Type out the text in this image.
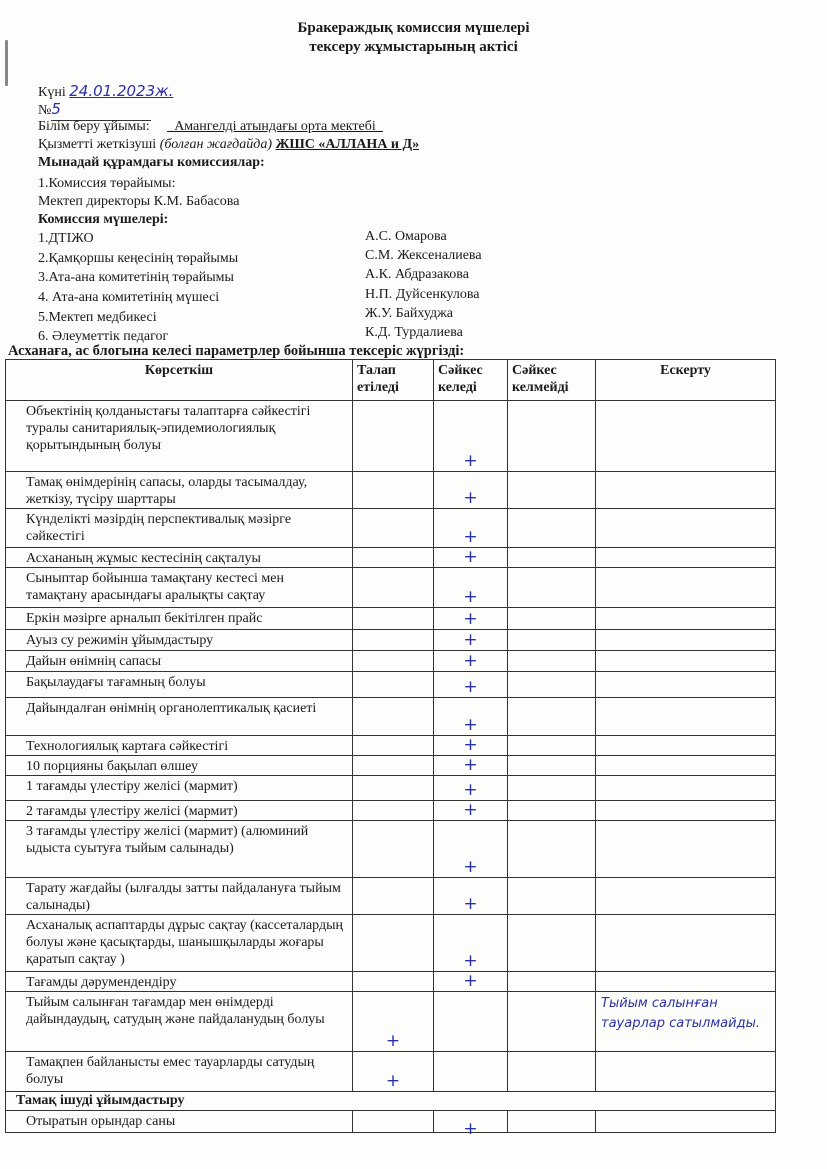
Бракераждық комиссия мүшелері
тексеру жұмыстарының актісі
Күні 24.01.2023ж.
№5
Білім беру ұйымы: _Амангелді атындағы орта мектебі_
Қызметті жеткізуші (болған жағдайда) ЖШС «АЛЛАНА и Д»
Мынадай құрамдағы комиссиялар:
1.Комиссия төрайымы:
Мектеп директоры К.М. Бабасова
Комиссия мүшелері:
1.ДТІЖО	А.С. Омарова
2.Қамқоршы кеңесінің төрайымы	С.М. Жексеналиева
3.Ата-ана комитетінің төрайымы	А.К. Абдразакова
4. Ата-ана комитетінің мүшесі	Н.П. Дуйсенкулова
5.Мектеп медбикесі	Ж.У. Байхуджа
6. Әлеуметтік педагог	К.Д. Турдалиева
Асханаға, ас блогына келесі параметрлер бойынша тексеріс жүргізді:
Көрсеткіш	Талап етіледі	Сәйкес келеді	Сәйкес келмейді	Ескерту
Объектінің қолданыстағы талаптарға сәйкестігі туралы санитариялық-эпидемиологиялық қорытындының болуы		+		

Тамақ өнімдерінің сапасы, оларды тасымалдау, жеткізу, түсіру шарттары		+		

Күнделікті мәзірдің перспективалық мәзірге сәйкестігі		+		

Асхананың жұмыс кестесінің сақталуы		+		

Сыныптар бойынша тамақтану кестесі мен тамақтану арасындағы аралықты сақтау		+		

Еркін мәзірге арналып бекітілген прайс		+		

Ауыз су режимін ұйымдастыру		+		

Дайын өнімнің сапасы		+		

Бақылаудағы тағамның болуы		+		

Дайындалған өнімнің органолептикалық қасиеті		+		

Технологиялық картаға сәйкестігі		+		

10 порцияны бақылап өлшеу		+		

1 тағамды үлестіру желісі (мармит)		+		

2 тағамды үлестіру желісі (мармит)		+		

3 тағамды үлестіру желісі (мармит) (алюминий ыдыста суытуға тыйым салынады)		+		

Тарату жағдайы (ылғалды затты пайдалануға тыйым салынады)		+		

Асханалық аспаптарды дұрыс сақтау (кассеталардың болуы және қасықтарды, шанышқыларды жоғары қаратып сақтау )		+		

Тағамды дәрумендендіру		+		

Тыйым салынған тағамдар мен өнімдерді дайындаудың, сатудың және пайдаланудың болуы	+			Тыйым салынған тауарлар сатылмайды.

Тамақпен байланысты емес тауарларды сатудың болуы	+			

Тамақ ішуді ұйымдастыру				
Отыратын орындар саны		+		
